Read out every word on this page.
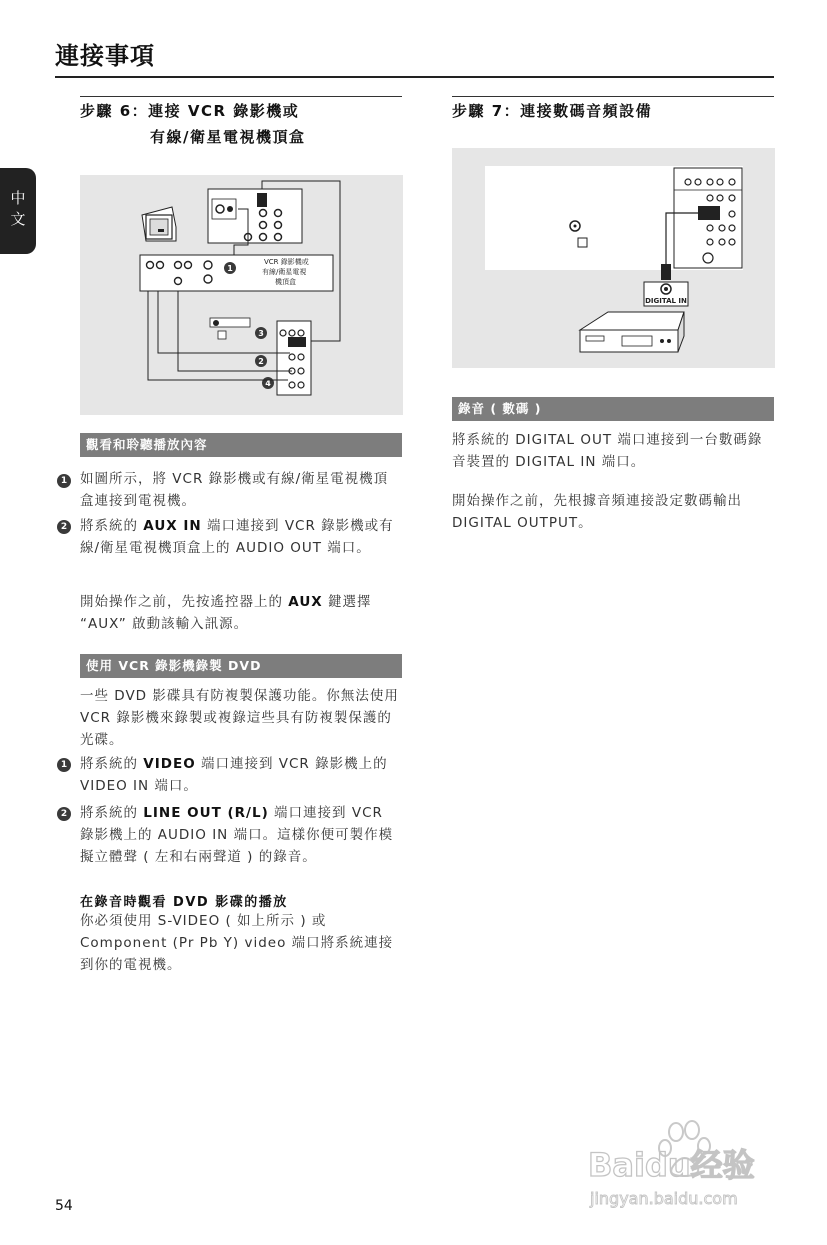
連接事項
中文
步驟 6：連接 VCR 錄影機或
有線/衛星電視機頂盒
1
VCR 錄影機或
有線/衛星電視
機頂盒
3
2
4
觀看和聆聽播放內容
1 如圖所示，將 VCR 錄影機或有線/衛星電視機頂盒連接到電視機。
2 將系統的 AUX IN 端口連接到 VCR 錄影機或有線/衛星電視機頂盒上的 AUDIO OUT 端口。
開始操作之前，先按遙控器上的 AUX 鍵選擇 “AUX” 啟動該輸入訊源。
使用 VCR 錄影機錄製 DVD
一些 DVD 影碟具有防複製保護功能。你無法使用 VCR 錄影機來錄製或複錄這些具有防複製保護的光碟。
1 將系統的 VIDEO 端口連接到 VCR 錄影機上的 VIDEO IN 端口。
2 將系統的 LINE OUT (R/L) 端口連接到 VCR 錄影機上的 AUDIO IN 端口。這樣你便可製作模擬立體聲 ( 左和右兩聲道 ) 的錄音。
在錄音時觀看 DVD 影碟的播放
你必須使用 S-VIDEO ( 如上所示 ) 或 Component (Pr Pb Y) video 端口將系統連接到你的電視機。
步驟 7：連接數碼音頻設備
DIGITAL IN
錄音 ( 數碼 )
將系統的 DIGITAL OUT 端口連接到一台數碼錄音裝置的 DIGITAL IN 端口。
開始操作之前，先根據音頻連接設定數碼輸出 DIGITAL OUTPUT。
54
Baidu经验
jingyan.baidu.com
